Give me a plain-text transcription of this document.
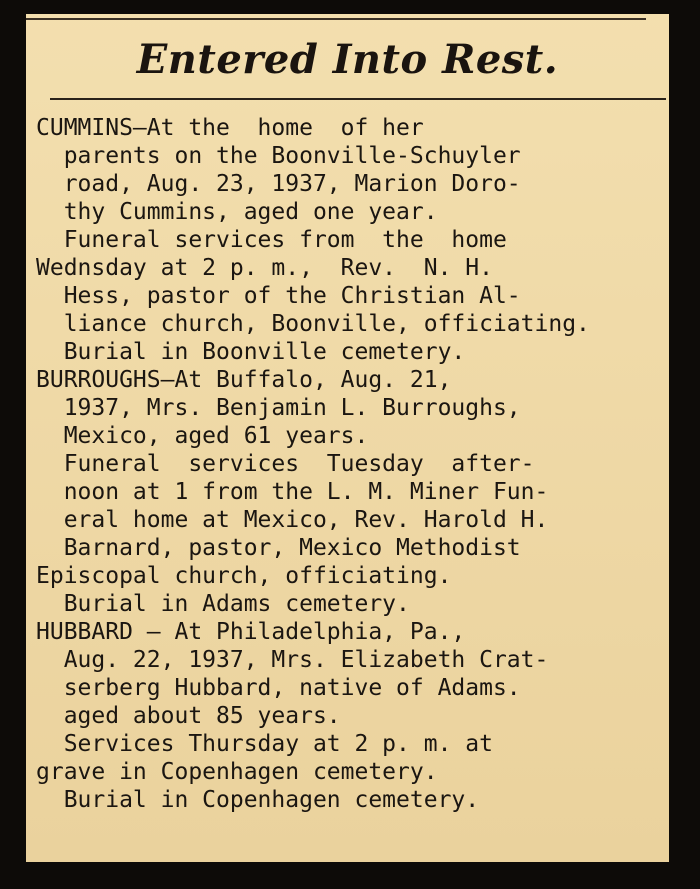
Entered Into Rest.
CUMMINS—At the  home  of her
parents on the Boonville-Schuyler
road, Aug. 23, 1937, Marion Doro-
thy Cummins, aged one year.
Funeral services from  the  home
Wednsday at 2 p. m.,  Rev.  N. H.
Hess, pastor of the Christian Al-
liance church, Boonville, officiating.
Burial in Boonville cemetery.
BURROUGHS—At Buffalo, Aug. 21,
1937, Mrs. Benjamin L. Burroughs,
Mexico, aged 61 years.
Funeral  services  Tuesday  after-
noon at 1 from the L. M. Miner Fun-
eral home at Mexico, Rev. Harold H.
Barnard, pastor, Mexico Methodist
Episcopal church, officiating.
Burial in Adams cemetery.
HUBBARD — At Philadelphia, Pa.,
Aug. 22, 1937, Mrs. Elizabeth Crat-
serberg Hubbard, native of Adams.
aged about 85 years.
Services Thursday at 2 p. m. at
grave in Copenhagen cemetery.
Burial in Copenhagen cemetery.
